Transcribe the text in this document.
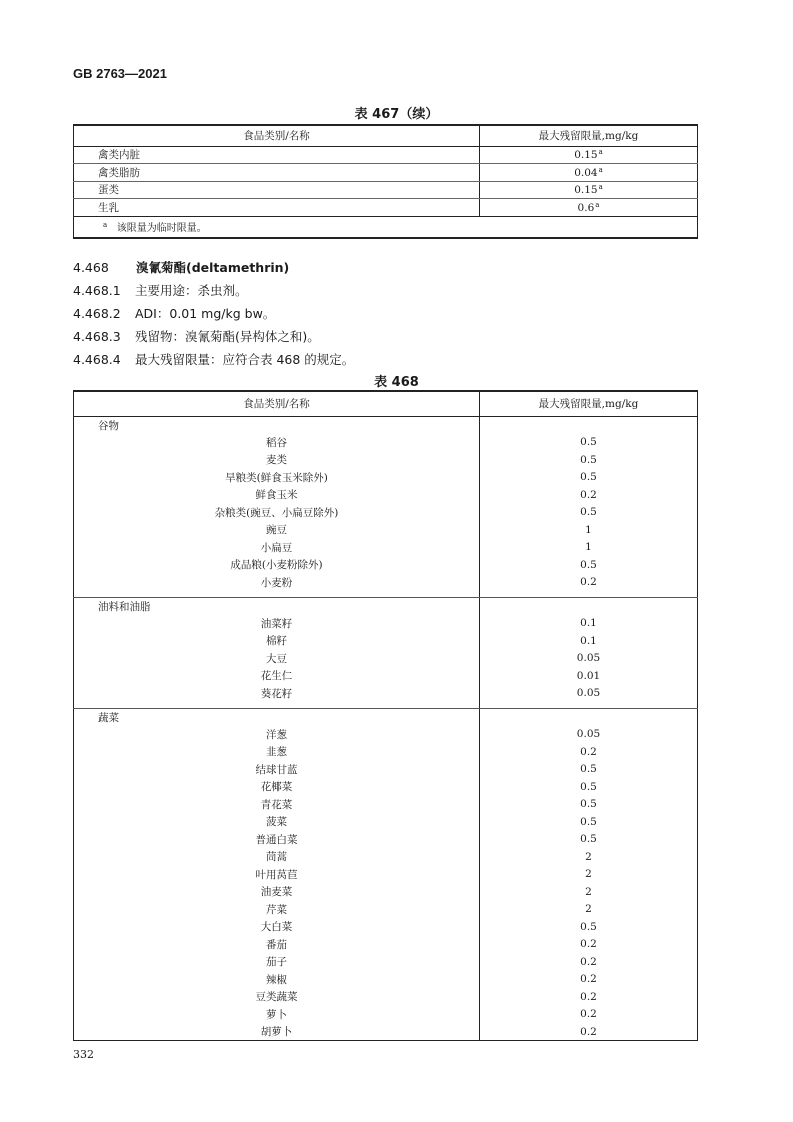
GB 2763—2021
表 467（续）
食品类别/名称	最大残留限量,mg/kg
禽类内脏	0.15$^a$
禽类脂肪	0.04$^a$
蛋类	0.15$^a$
生乳	0.6$^a$
$^a$ 该限量为临时限量。	
4.468 溴氰菊酯(deltamethrin)
4.468.1 主要用途：杀虫剂。
4.468.2 ADI：0.01 mg/kg bw。
4.468.3 残留物：溴氰菊酯(异构体之和)。
4.468.4 最大残留限量：应符合表 468 的规定。
表 468
食品类别/名称	最大残留限量,mg/kg
谷物	
稻谷	0.5
麦类	0.5
旱粮类(鲜食玉米除外)	0.5
鲜食玉米	0.2
杂粮类(豌豆、小扁豆除外)	0.5
豌豆	1
小扁豆	1
成品粮(小麦粉除外)	0.5
小麦粉	0.2

油料和油脂	
油菜籽	0.1
棉籽	0.1
大豆	0.05
花生仁	0.01
葵花籽	0.05

蔬菜	
洋葱	0.05
韭葱	0.2
结球甘蓝	0.5
花椰菜	0.5
青花菜	0.5
菠菜	0.5
普通白菜	0.5
茼蒿	2
叶用莴苣	2
油麦菜	2
芹菜	2
大白菜	0.5
番茄	0.2
茄子	0.2
辣椒	0.2
豆类蔬菜	0.2
萝卜	0.2
胡萝卜	0.2
332
